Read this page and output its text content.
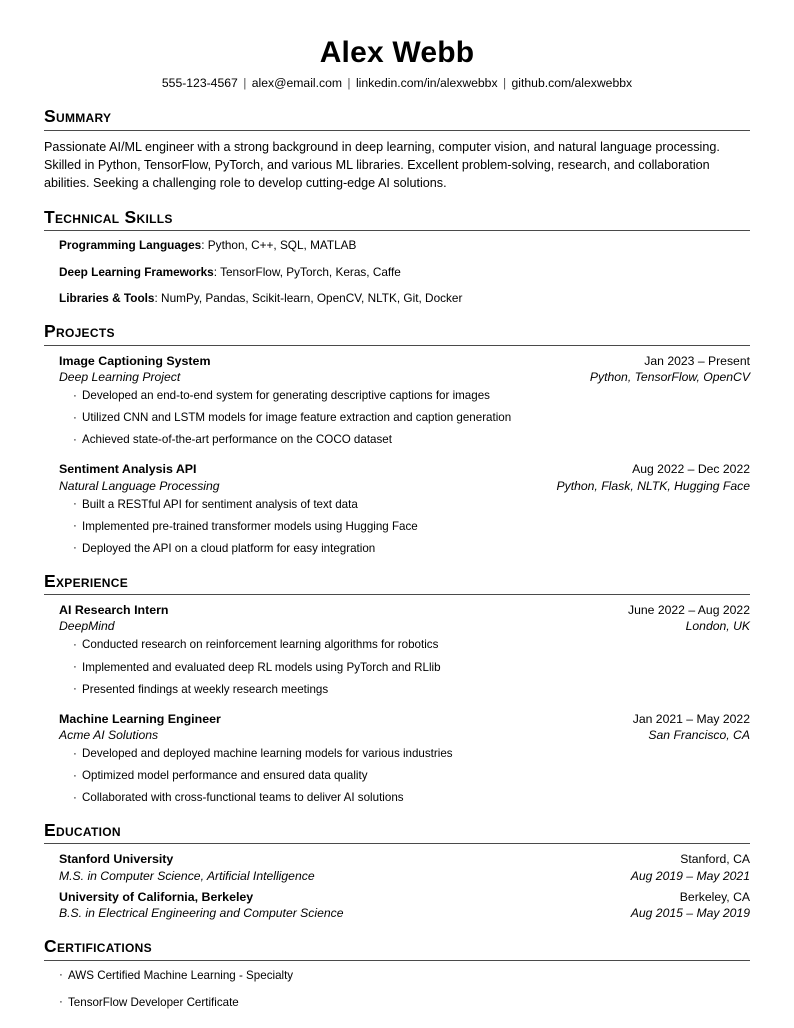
Alex Webb
555-123-4567 | alex@email.com | linkedin.com/in/alexwebbx | github.com/alexwebbx
Summary
Passionate AI/ML engineer with a strong background in deep learning, computer vision, and natural language processing. Skilled in Python, TensorFlow, PyTorch, and various ML libraries. Excellent problem-solving, research, and collaboration abilities. Seeking a challenging role to develop cutting-edge AI solutions.
Technical Skills
Programming Languages: Python, C++, SQL, MATLAB
Deep Learning Frameworks: TensorFlow, PyTorch, Keras, Caffe
Libraries & Tools: NumPy, Pandas, Scikit-learn, OpenCV, NLTK, Git, Docker
Projects
Image Captioning System	Jan 2023 – Present
Deep Learning Project	Python, TensorFlow, OpenCV
· Developed an end-to-end system for generating descriptive captions for images
· Utilized CNN and LSTM models for image feature extraction and caption generation
· Achieved state-of-the-art performance on the COCO dataset
Sentiment Analysis API	Aug 2022 – Dec 2022
Natural Language Processing	Python, Flask, NLTK, Hugging Face
· Built a RESTful API for sentiment analysis of text data
· Implemented pre-trained transformer models using Hugging Face
· Deployed the API on a cloud platform for easy integration
Experience
AI Research Intern	June 2022 – Aug 2022
DeepMind	London, UK
· Conducted research on reinforcement learning algorithms for robotics
· Implemented and evaluated deep RL models using PyTorch and RLlib
· Presented findings at weekly research meetings
Machine Learning Engineer	Jan 2021 – May 2022
Acme AI Solutions	San Francisco, CA
· Developed and deployed machine learning models for various industries
· Optimized model performance and ensured data quality
· Collaborated with cross-functional teams to deliver AI solutions
Education
Stanford University	Stanford, CA
M.S. in Computer Science, Artificial Intelligence	Aug 2019 – May 2021
University of California, Berkeley	Berkeley, CA
B.S. in Electrical Engineering and Computer Science	Aug 2015 – May 2019
Certifications
· AWS Certified Machine Learning - Specialty
· TensorFlow Developer Certificate
